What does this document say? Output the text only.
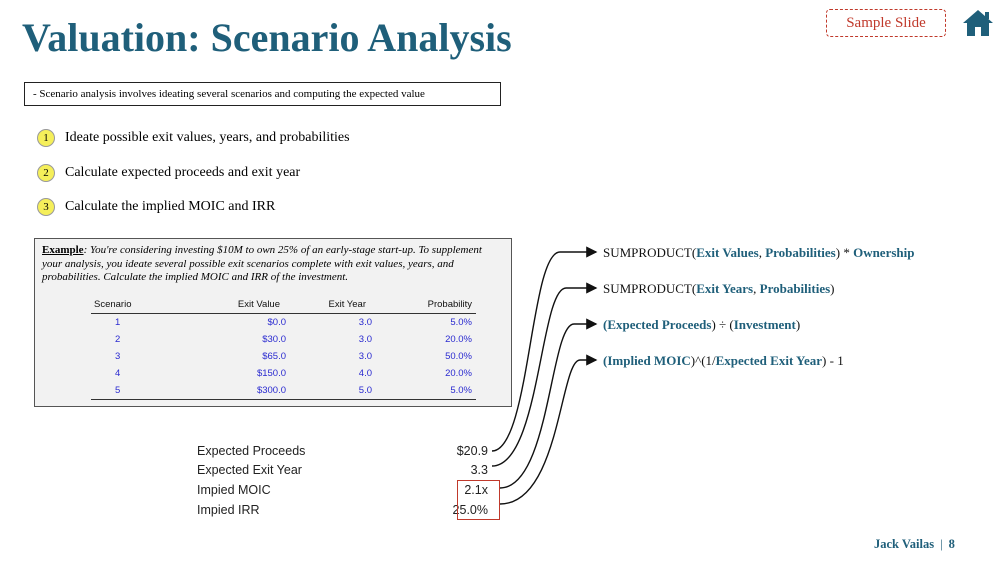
Valuation: Scenario Analysis	Sample Slide
- Scenario analysis involves ideating several scenarios and computing the expected value
1	Ideate possible exit values, years, and probabilities
2	Calculate expected proceeds and exit year
3	Calculate the implied MOIC and IRR
Example: You're considering investing $10M to own 25% of an early-stage start-up. To supplement your analysis, you ideate several possible exit scenarios complete with exit values, years, and probabilities. Calculate the implied MOIC and IRR of the investment.
Scenario	Exit Value	Exit Year	Probability
1	$0.0	3.0	5.0%
2	$30.0	3.0	20.0%
3	$65.0	3.0	50.0%
4	$150.0	4.0	20.0%
5	$300.0	5.0	5.0%
Expected Proceeds	$20.9
Expected Exit Year	3.3
Impied MOIC	2.1x
Impied IRR	25.0%
SUMPRODUCT(Exit Values, Probabilities) * Ownership
SUMPRODUCT(Exit Years, Probabilities)
(Expected Proceeds) ÷ (Investment)
(Implied MOIC)^(1/Expected Exit Year) - 1
Jack Vailas | 8
